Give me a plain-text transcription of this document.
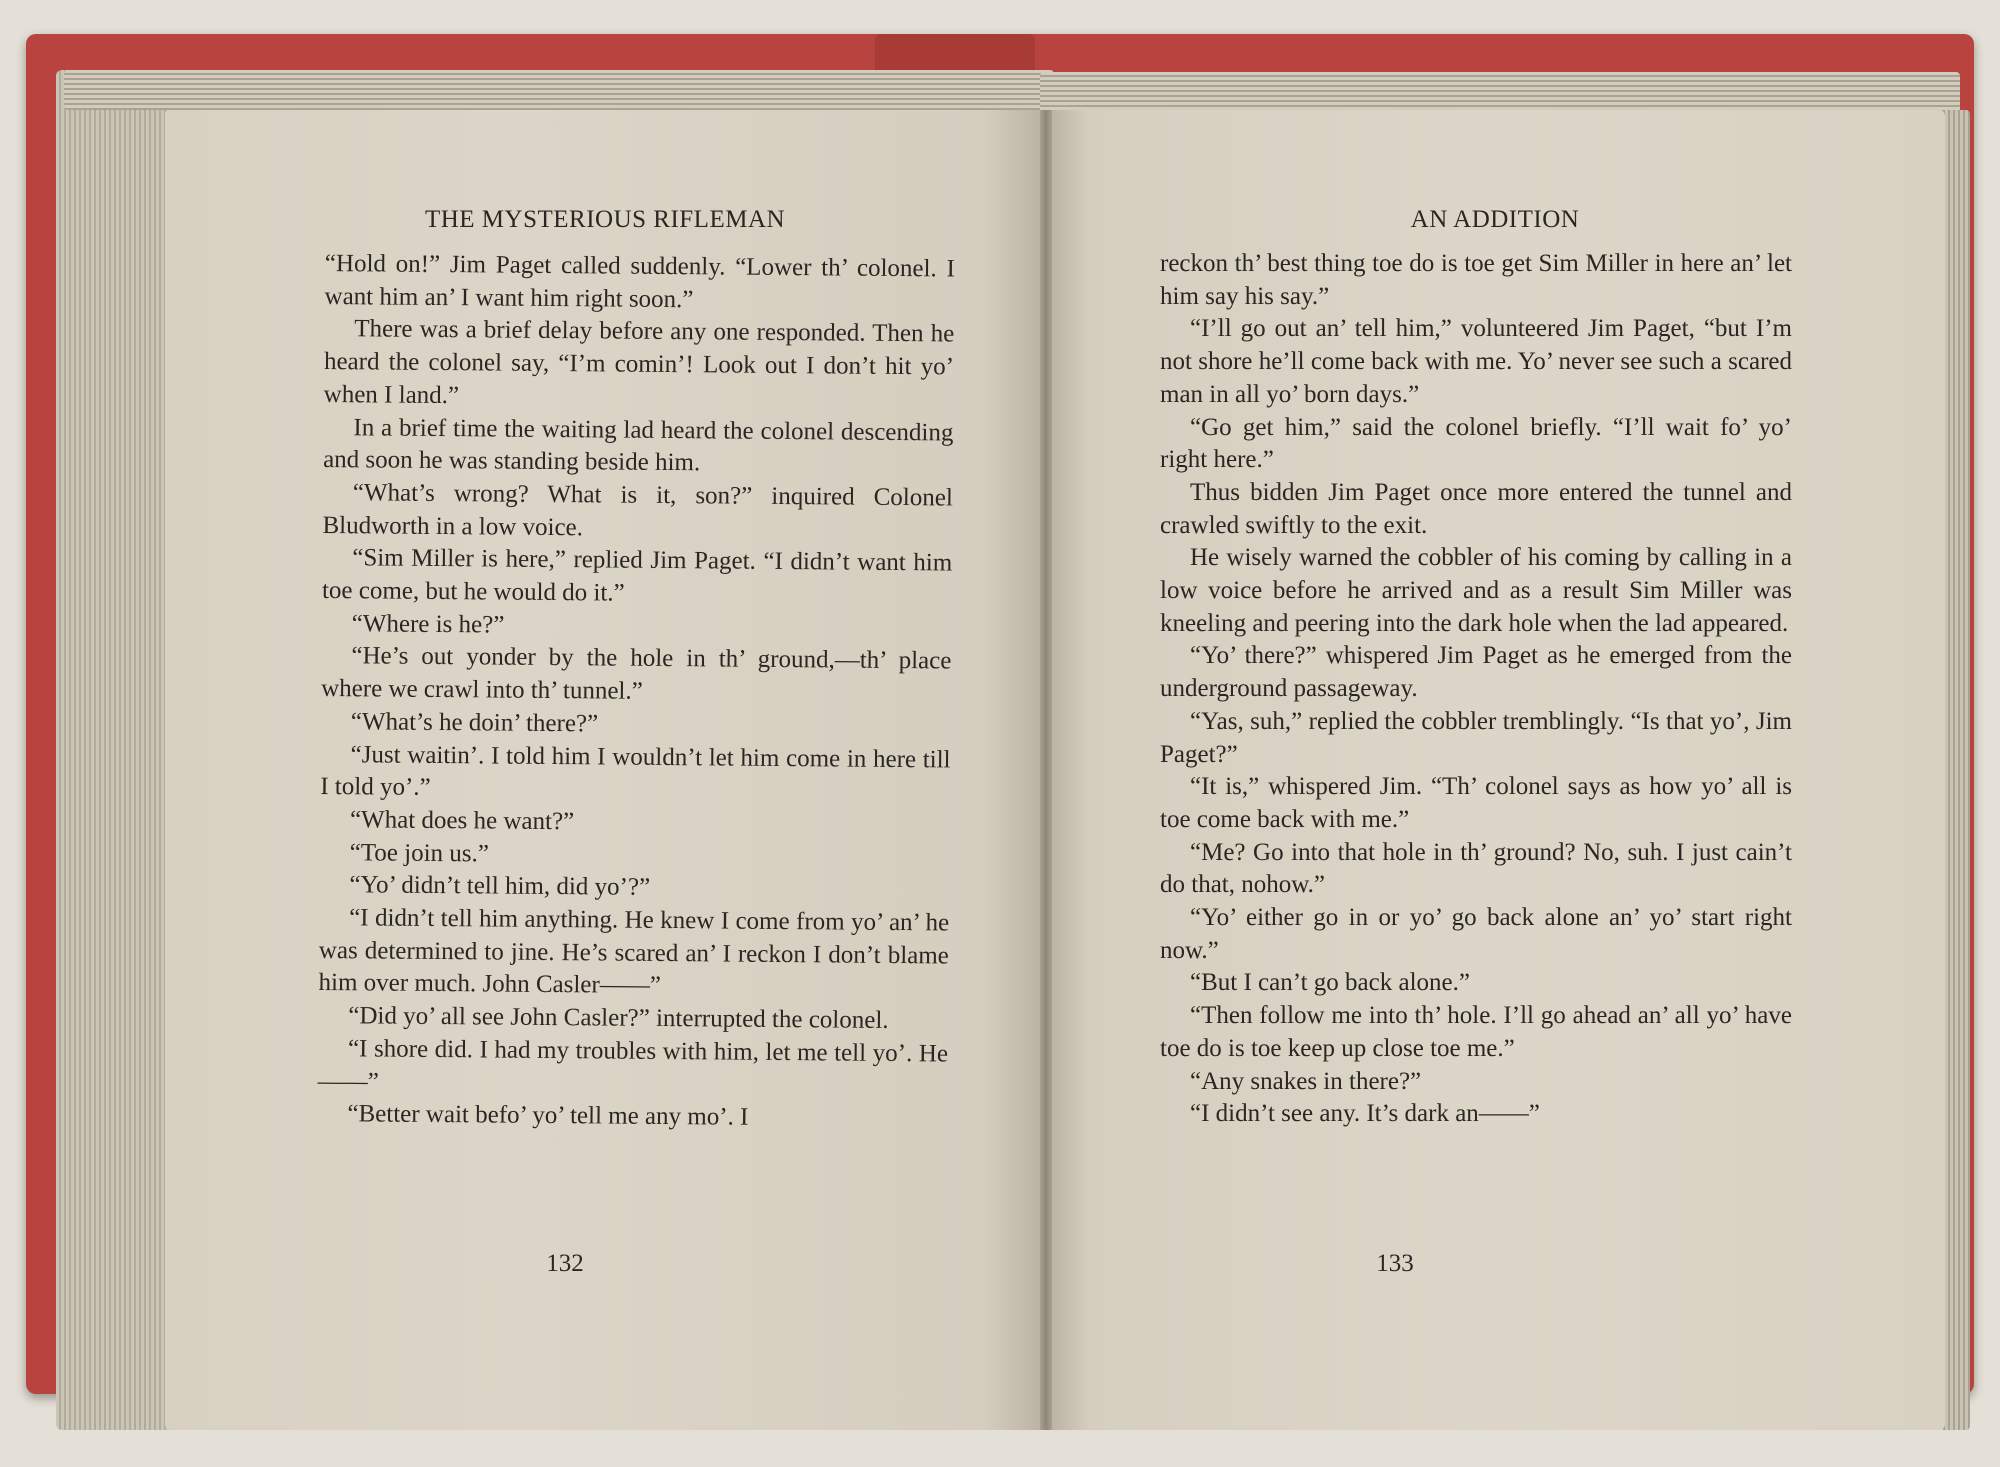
THE MYSTERIOUS RIFLEMAN

“Hold on!” Jim Paget called suddenly. “Lower th’ colonel. I want him an’ I want him right soon.”

There was a brief delay before any one responded. Then he heard the colonel say, “I’m comin’! Look out I don’t hit yo’ when I land.”

In a brief time the waiting lad heard the colonel descending and soon he was standing beside him.

“What’s wrong? What is it, son?” inquired Colonel Bludworth in a low voice.

“Sim Miller is here,” replied Jim Paget. “I didn’t want him toe come, but he would do it.”

“Where is he?”

“He’s out yonder by the hole in th’ ground,—th’ place where we crawl into th’ tunnel.”

“What’s he doin’ there?”

“Just waitin’. I told him I wouldn’t let him come in here till I told yo’.”

“What does he want?”

“Toe join us.”

“Yo’ didn’t tell him, did yo’?”

“I didn’t tell him anything. He knew I come from yo’ an’ he was determined to jine. He’s scared an’ I reckon I don’t blame him over much. John Casler——”

“Did yo’ all see John Casler?” interrupted the colonel.

“I shore did. I had my troubles with him, let me tell yo’. He——”

“Better wait befo’ yo’ tell me any mo’. I

132
AN ADDITION

reckon th’ best thing toe do is toe get Sim Miller in here an’ let him say his say.”

“I’ll go out an’ tell him,” volunteered Jim Paget, “but I’m not shore he’ll come back with me. Yo’ never see such a scared man in all yo’ born days.”

“Go get him,” said the colonel briefly. “I’ll wait fo’ yo’ right here.”

Thus bidden Jim Paget once more entered the tunnel and crawled swiftly to the exit.

He wisely warned the cobbler of his coming by calling in a low voice before he arrived and as a result Sim Miller was kneeling and peering into the dark hole when the lad appeared.

“Yo’ there?” whispered Jim Paget as he emerged from the underground passageway.

“Yas, suh,” replied the cobbler tremblingly. “Is that yo’, Jim Paget?”

“It is,” whispered Jim. “Th’ colonel says as how yo’ all is toe come back with me.”

“Me? Go into that hole in th’ ground? No, suh. I just cain’t do that, nohow.”

“Yo’ either go in or yo’ go back alone an’ yo’ start right now.”

“But I can’t go back alone.”

“Then follow me into th’ hole. I’ll go ahead an’ all yo’ have toe do is toe keep up close toe me.”

“Any snakes in there?”

“I didn’t see any. It’s dark an——”

133
